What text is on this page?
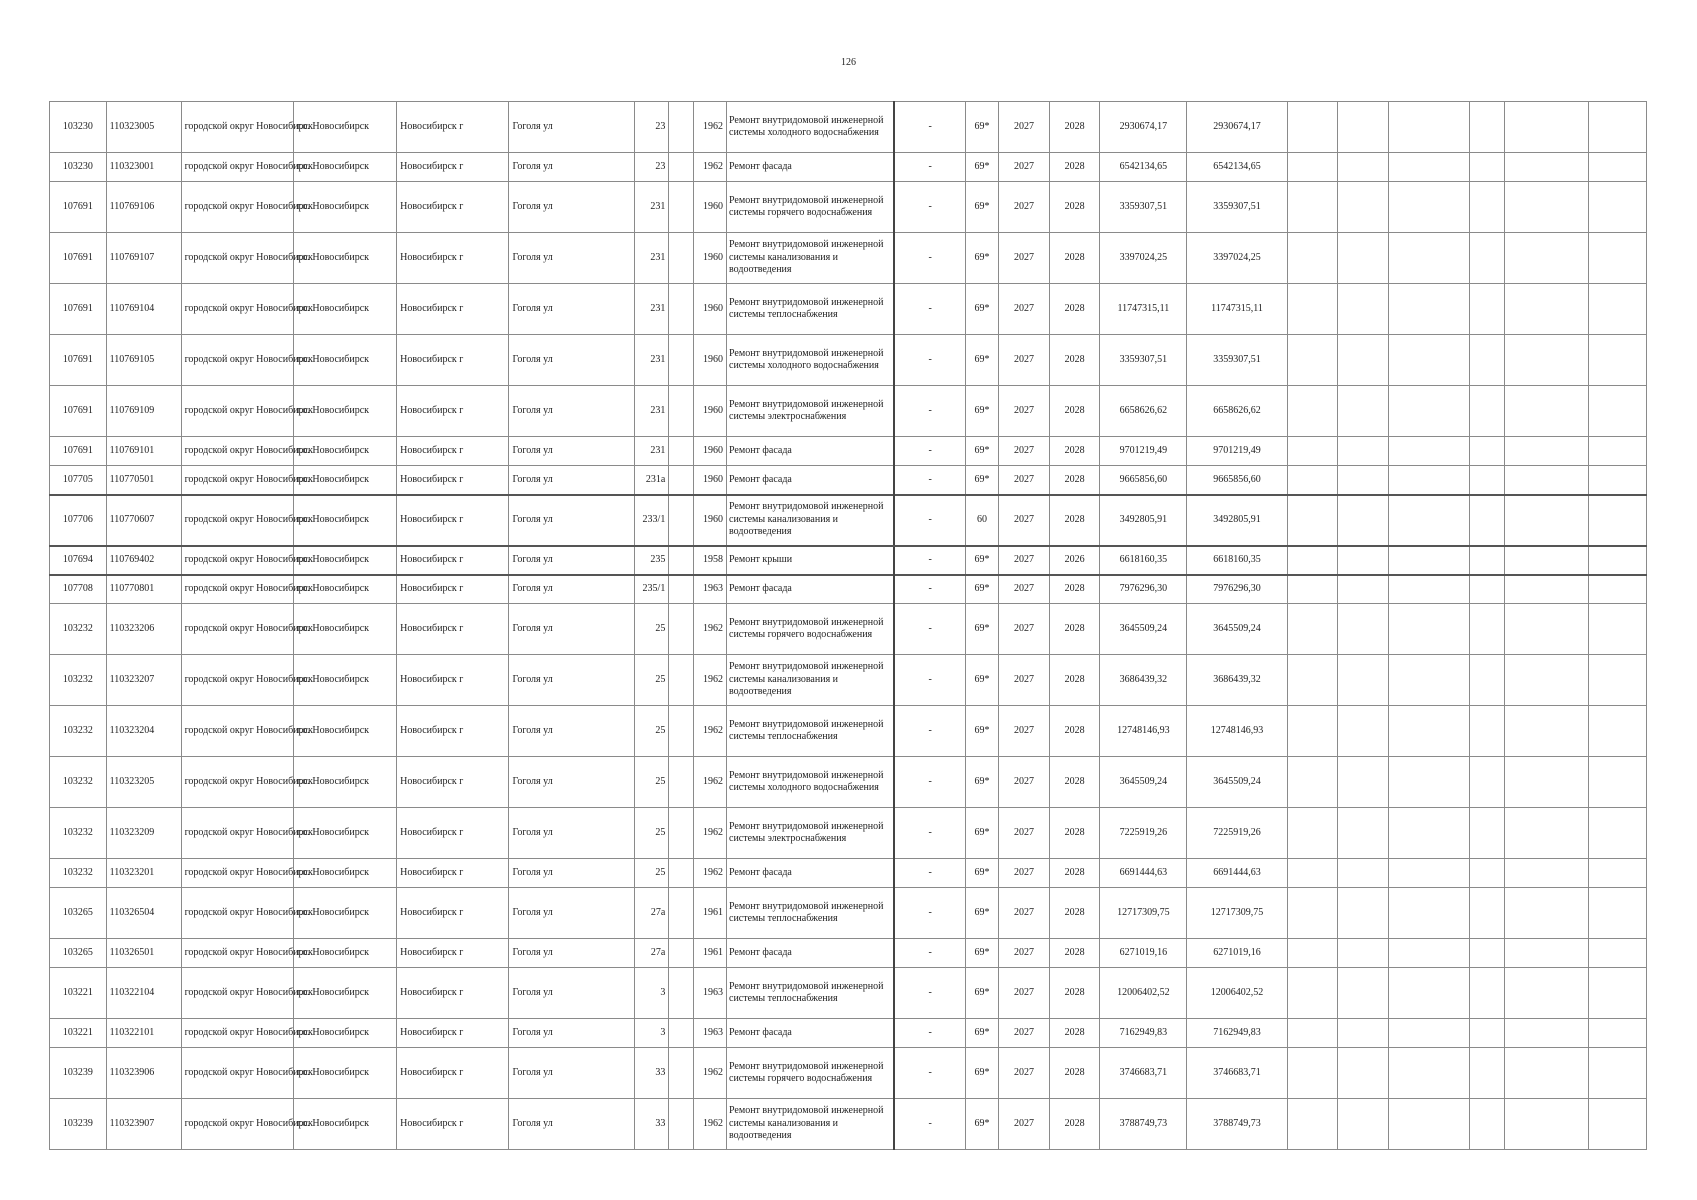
126
103230	110323005	городской округ Новосибирск	г.о. Новосибирск	Новосибирск г	Гоголя ул	23		1962	Ремонт внутридомовой инженерной системы холодного водоснабжения	-	69*	2027	2028	2930674,17	2930674,17						
103230	110323001	городской округ Новосибирск	г.о. Новосибирск	Новосибирск г	Гоголя ул	23		1962	Ремонт фасада	-	69*	2027	2028	6542134,65	6542134,65						
107691	110769106	городской округ Новосибирск	г.о. Новосибирск	Новосибирск г	Гоголя ул	231		1960	Ремонт внутридомовой инженерной системы горячего водоснабжения	-	69*	2027	2028	3359307,51	3359307,51						
107691	110769107	городской округ Новосибирск	г.о. Новосибирск	Новосибирск г	Гоголя ул	231		1960	Ремонт внутридомовой инженерной системы канализования и водоотведения	-	69*	2027	2028	3397024,25	3397024,25						
107691	110769104	городской округ Новосибирск	г.о. Новосибирск	Новосибирск г	Гоголя ул	231		1960	Ремонт внутридомовой инженерной системы теплоснабжения	-	69*	2027	2028	11747315,11	11747315,11						
107691	110769105	городской округ Новосибирск	г.о. Новосибирск	Новосибирск г	Гоголя ул	231		1960	Ремонт внутридомовой инженерной системы холодного водоснабжения	-	69*	2027	2028	3359307,51	3359307,51						
107691	110769109	городской округ Новосибирск	г.о. Новосибирск	Новосибирск г	Гоголя ул	231		1960	Ремонт внутридомовой инженерной системы электроснабжения	-	69*	2027	2028	6658626,62	6658626,62						
107691	110769101	городской округ Новосибирск	г.о. Новосибирск	Новосибирск г	Гоголя ул	231		1960	Ремонт фасада	-	69*	2027	2028	9701219,49	9701219,49						
107705	110770501	городской округ Новосибирск	г.о. Новосибирск	Новосибирск г	Гоголя ул	231а		1960	Ремонт фасада	-	69*	2027	2028	9665856,60	9665856,60						
107706	110770607	городской округ Новосибирск	г.о. Новосибирск	Новосибирск г	Гоголя ул	233/1		1960	Ремонт внутридомовой инженерной системы канализования и водоотведения	-	60	2027	2028	3492805,91	3492805,91						
107694	110769402	городской округ Новосибирск	г.о. Новосибирск	Новосибирск г	Гоголя ул	235		1958	Ремонт крыши	-	69*	2027	2026	6618160,35	6618160,35						
107708	110770801	городской округ Новосибирск	г.о. Новосибирск	Новосибирск г	Гоголя ул	235/1		1963	Ремонт фасада	-	69*	2027	2028	7976296,30	7976296,30						
103232	110323206	городской округ Новосибирск	г.о. Новосибирск	Новосибирск г	Гоголя ул	25		1962	Ремонт внутридомовой инженерной системы горячего водоснабжения	-	69*	2027	2028	3645509,24	3645509,24						
103232	110323207	городской округ Новосибирск	г.о. Новосибирск	Новосибирск г	Гоголя ул	25		1962	Ремонт внутридомовой инженерной системы канализования и водоотведения	-	69*	2027	2028	3686439,32	3686439,32						
103232	110323204	городской округ Новосибирск	г.о. Новосибирск	Новосибирск г	Гоголя ул	25		1962	Ремонт внутридомовой инженерной системы теплоснабжения	-	69*	2027	2028	12748146,93	12748146,93						
103232	110323205	городской округ Новосибирск	г.о. Новосибирск	Новосибирск г	Гоголя ул	25		1962	Ремонт внутридомовой инженерной системы холодного водоснабжения	-	69*	2027	2028	3645509,24	3645509,24						
103232	110323209	городской округ Новосибирск	г.о. Новосибирск	Новосибирск г	Гоголя ул	25		1962	Ремонт внутридомовой инженерной системы электроснабжения	-	69*	2027	2028	7225919,26	7225919,26						
103232	110323201	городской округ Новосибирск	г.о. Новосибирск	Новосибирск г	Гоголя ул	25		1962	Ремонт фасада	-	69*	2027	2028	6691444,63	6691444,63						
103265	110326504	городской округ Новосибирск	г.о. Новосибирск	Новосибирск г	Гоголя ул	27а		1961	Ремонт внутридомовой инженерной системы теплоснабжения	-	69*	2027	2028	12717309,75	12717309,75						
103265	110326501	городской округ Новосибирск	г.о. Новосибирск	Новосибирск г	Гоголя ул	27а		1961	Ремонт фасада	-	69*	2027	2028	6271019,16	6271019,16						
103221	110322104	городской округ Новосибирск	г.о. Новосибирск	Новосибирск г	Гоголя ул	3		1963	Ремонт внутридомовой инженерной системы теплоснабжения	-	69*	2027	2028	12006402,52	12006402,52						
103221	110322101	городской округ Новосибирск	г.о. Новосибирск	Новосибирск г	Гоголя ул	3		1963	Ремонт фасада	-	69*	2027	2028	7162949,83	7162949,83						
103239	110323906	городской округ Новосибирск	г.о. Новосибирск	Новосибирск г	Гоголя ул	33		1962	Ремонт внутридомовой инженерной системы горячего водоснабжения	-	69*	2027	2028	3746683,71	3746683,71						
103239	110323907	городской округ Новосибирск	г.о. Новосибирск	Новосибирск г	Гоголя ул	33		1962	Ремонт внутридомовой инженерной системы канализования и водоотведения	-	69*	2027	2028	3788749,73	3788749,73						
